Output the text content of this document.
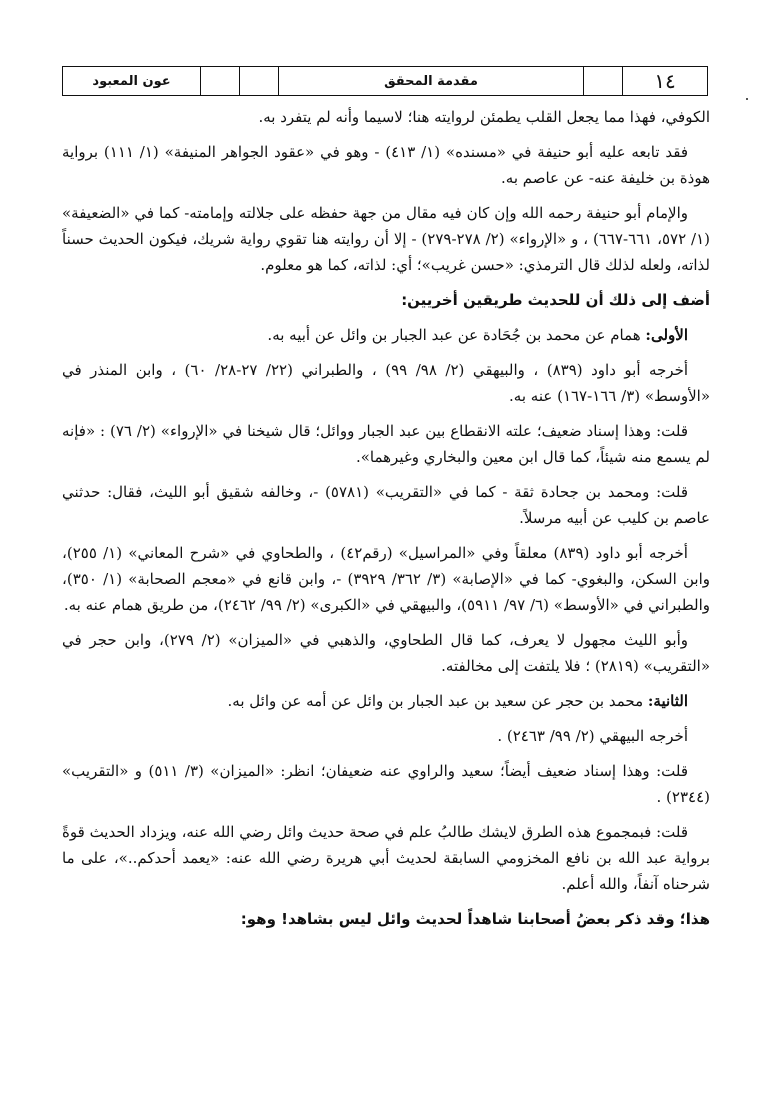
١٤
مقدمة المحقق
عون المعبود

الكوفي، فهذا مما يجعل القلب يطمئن لروايته هنا؛ لاسيما وأنه لم يتفرد به.

فقد تابعه عليه أبو حنيفة في «مسنده» (١/ ٤١٣) - وهو في «عقود الجواهر المنيفة» (١/ ١١١) برواية هوذة بن خليفة عنه- عن عاصم به.

والإمام أبو حنيفة رحمه الله وإن كان فيه مقال من جهة حفظه على جلالته وإمامته- كما في «الضعيفة» (١/ ٥٧٢، ٦٦١-٦٦٧) ، و «الإرواء» (٢/ ٢٧٨-٢٧٩) - إلا أن روايته هنا تقوي رواية شريك، فيكون الحديث حسناً لذاته، ولعله لذلك قال الترمذي: «حسن غريب»؛ أي: لذاته، كما هو معلوم.

أضف إلى ذلك أن للحديث طريقين أخريين:

الأولى: همام عن محمد بن جُحَادة عن عبد الجبار بن وائل عن أبيه به.

أخرجه أبو داود (٨٣٩) ، والبيهقي (٢/ ٩٨/ ٩٩) ، والطبراني (٢٢/ ٢٧-٢٨/ ٦٠) ، وابن المنذر في «الأوسط» (٣/ ١٦٦-١٦٧) عنه به.

قلت: وهذا إسناد ضعيف؛ علته الانقطاع بين عبد الجبار ووائل؛ قال شيخنا في «الإرواء» (٢/ ٧٦) : «فإنه لم يسمع منه شيئاً، كما قال ابن معين والبخاري وغيرهما».

قلت: ومحمد بن جحادة ثقة - كما في «التقريب» (٥٧٨١) -، وخالفه شقيق أبو الليث، فقال: حدثني عاصم بن كليب عن أبيه مرسلاً.

أخرجه أبو داود (٨٣٩) معلقاً وفي «المراسيل» (رقم٤٢) ، والطحاوي في «شرح المعاني» (١/ ٢٥٥)، وابن السكن، والبغوي- كما في «الإصابة» (٣/ ٣٦٢/ ٣٩٢٩) -، وابن قانع في «معجم الصحابة» (١/ ٣٥٠)، والطبراني في «الأوسط» (٦/ ٩٧/ ٥٩١١)، والبيهقي في «الكبرى» (٢/ ٩٩/ ٢٤٦٢)، من طريق همام عنه به.

وأبو الليث مجهول لا يعرف، كما قال الطحاوي، والذهبي في «الميزان» (٢/ ٢٧٩)، وابن حجر في «التقريب» (٢٨١٩) ؛ فلا يلتفت إلى مخالفته.

الثانية: محمد بن حجر عن سعيد بن عبد الجبار بن وائل عن أمه عن وائل به.

أخرجه البيهقي (٢/ ٩٩/ ٢٤٦٣) .

قلت: وهذا إسناد ضعيف أيضاً؛ سعيد والراوي عنه ضعيفان؛ انظر: «الميزان» (٣/ ٥١١) و «التقريب» (٢٣٤٤) .

قلت: فبمجموع هذه الطرق لايشك طالبُ علم في صحة حديث وائل رضي الله عنه، ويزداد الحديث قوةً برواية عبد الله بن نافع المخزومي السابقة لحديث أبي هريرة رضي الله عنه: «يعمد أحدكم..»، على ما شرحناه آنفاً، والله أعلم.

هذا؛ وقد ذكر بعضُ أصحابنا شاهداً لحديث وائل ليس بشاهد! وهو:
